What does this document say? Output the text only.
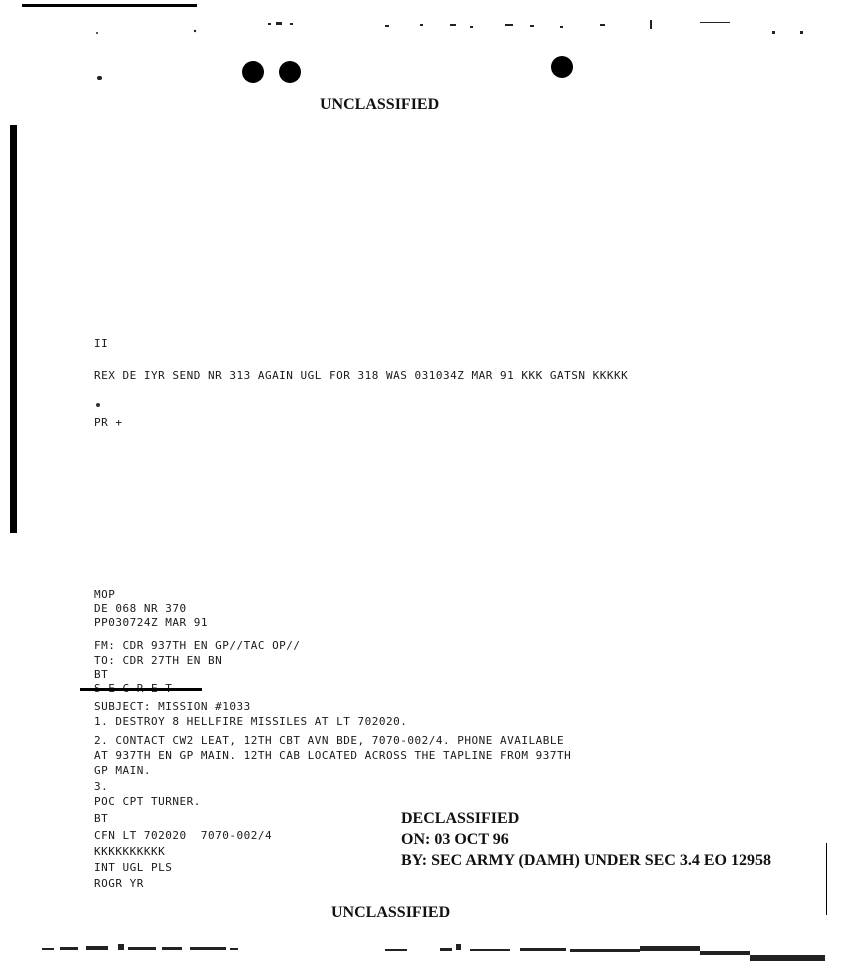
UNCLASSIFIED
II
REX DE IYR SEND NR 313 AGAIN UGL FOR 318 WAS 031034Z MAR 91 KKK GATSN KKKKK
PR +
MOP
DE 068 NR 370
PP030724Z MAR 91
FM: CDR 937TH EN GP//TAC OP//
TO: CDR 27TH EN BN
BT
SUBJECT: MISSION #1033
1. DESTROY 8 HELLFIRE MISSILES AT LT 702020.
2. CONTACT CW2 LEAT, 12TH CBT AVN BDE, 7070-002/4. PHONE AVAILABLE
AT 937TH EN GP MAIN. 12TH CAB LOCATED ACROSS THE TAPLINE FROM 937TH
GP MAIN.
3.
POC CPT TURNER.
BT
CFN LT 702020  7070-002/4
KKKKKKKKKK
INT UGL PLS
ROGR YR
DECLASSIFIED
ON: 03 OCT 96
BY: SEC ARMY (DAMH) UNDER SEC 3.4 EO 12958
UNCLASSIFIED
